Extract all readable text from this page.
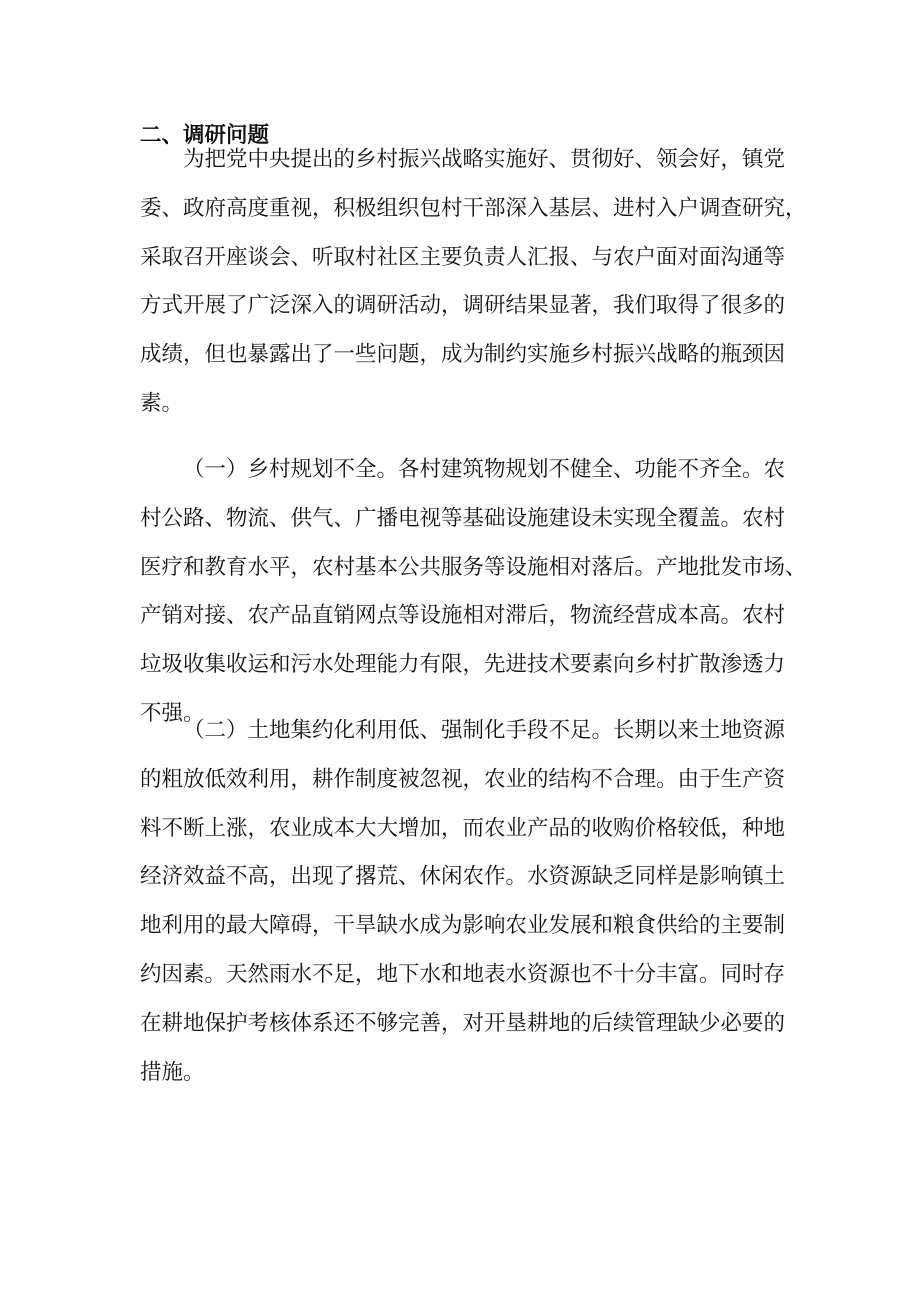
二、调研问题
为把党中央提出的乡村振兴战略实施好、贯彻好、领会好，镇党
委、政府高度重视，积极组织包村干部深入基层、进村入户调查研究，
采取召开座谈会、听取村社区主要负责人汇报、与农户面对面沟通等
方式开展了广泛深入的调研活动，调研结果显著，我们取得了很多的
成绩，但也暴露出了一些问题，成为制约实施乡村振兴战略的瓶颈因
素。
（一）乡村规划不全。各村建筑物规划不健全、功能不齐全。农
村公路、物流、供气、广播电视等基础设施建设未实现全覆盖。农村
医疗和教育水平，农村基本公共服务等设施相对落后。产地批发市场、
产销对接、农产品直销网点等设施相对滞后，物流经营成本高。农村
垃圾收集收运和污水处理能力有限，先进技术要素向乡村扩散渗透力
不强。
（二）土地集约化利用低、强制化手段不足。长期以来土地资源
的粗放低效利用，耕作制度被忽视，农业的结构不合理。由于生产资
料不断上涨，农业成本大大增加，而农业产品的收购价格较低，种地
经济效益不高，出现了撂荒、休闲农作。水资源缺乏同样是影响镇土
地利用的最大障碍，干旱缺水成为影响农业发展和粮食供给的主要制
约因素。天然雨水不足，地下水和地表水资源也不十分丰富。同时存
在耕地保护考核体系还不够完善，对开垦耕地的后续管理缺少必要的
措施。
